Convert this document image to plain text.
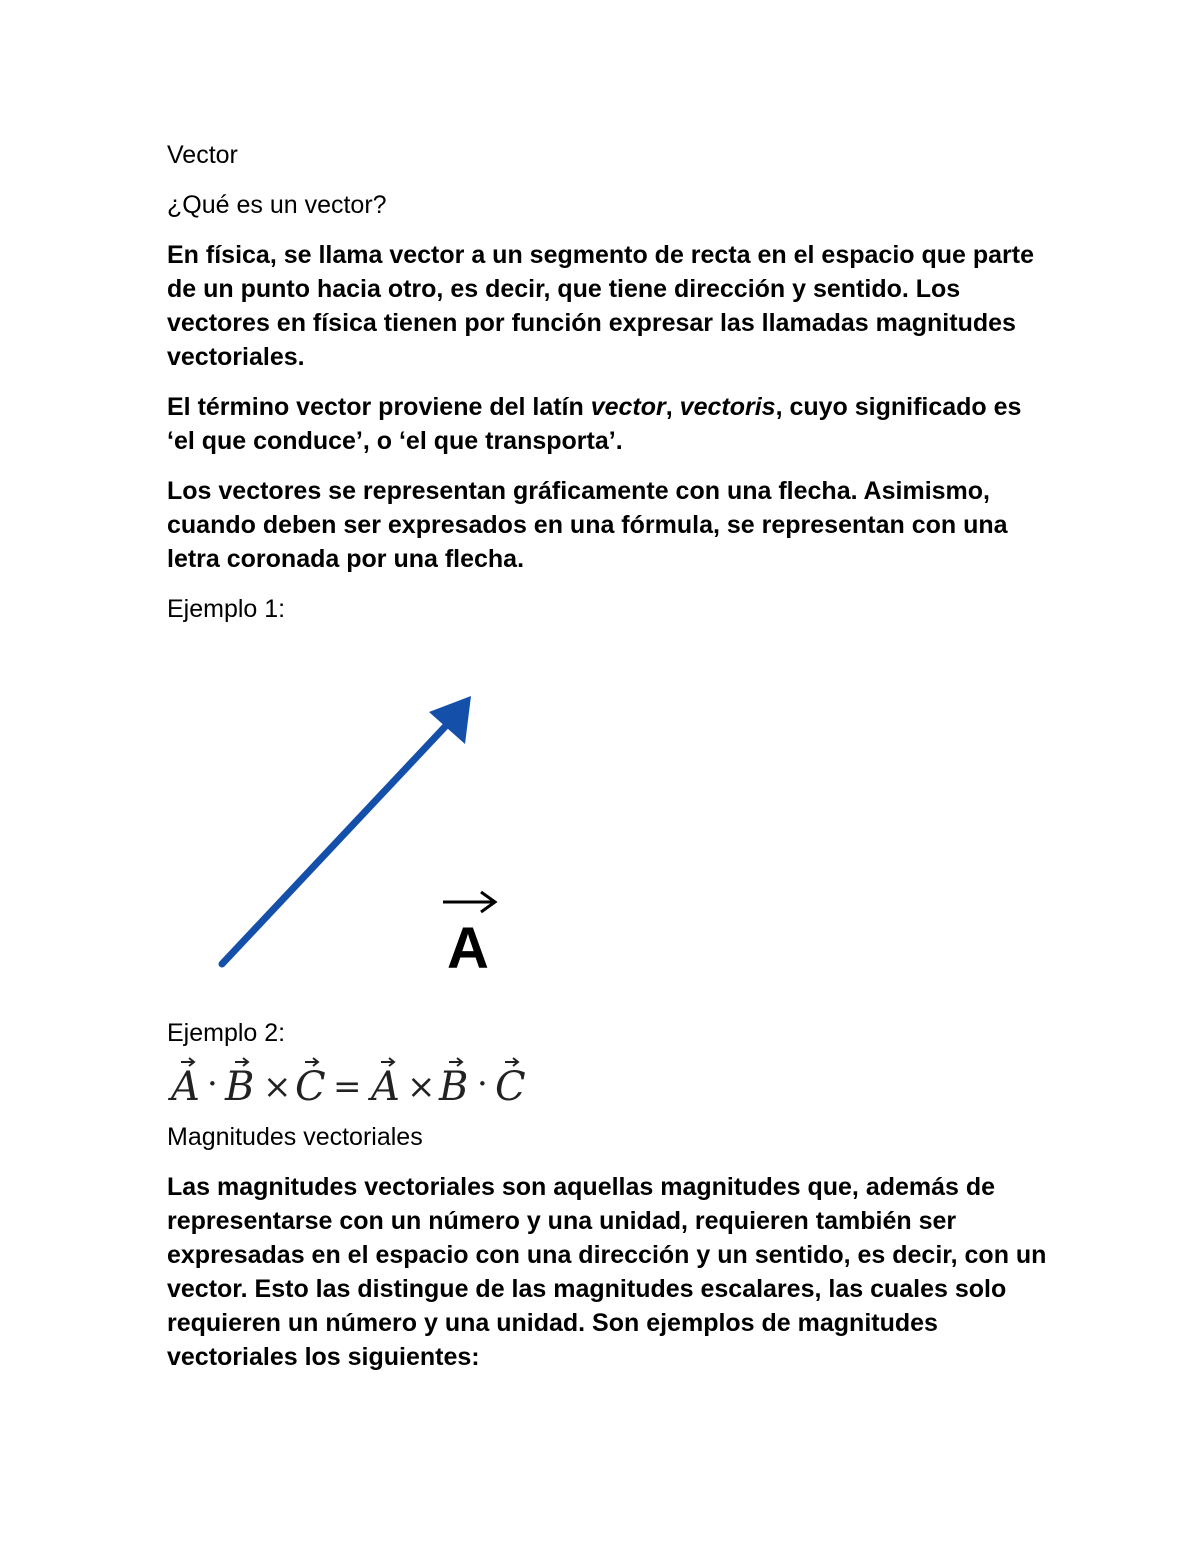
Vector

¿Qué es un vector?

En física, se llama vector a un segmento de recta en el espacio que parte de un punto hacia otro, es decir, que tiene dirección y sentido. Los vectores en física tienen por función expresar las llamadas magnitudes vectoriales.

El término vector proviene del latín vector, vectoris, cuyo significado es ‘el que conduce’, o ‘el que transporta’.

Los vectores se representan gráficamente con una flecha. Asimismo, cuando deben ser expresados en una fórmula, se representan con una letra coronada por una flecha.

Ejemplo 1:

A

Ejemplo 2:

A · B × C = A × B · C

Magnitudes vectoriales

Las magnitudes vectoriales son aquellas magnitudes que, además de representarse con un número y una unidad, requieren también ser expresadas en el espacio con una dirección y un sentido, es decir, con un vector. Esto las distingue de las magnitudes escalares, las cuales solo requieren un número y una unidad. Son ejemplos de magnitudes vectoriales los siguientes:
